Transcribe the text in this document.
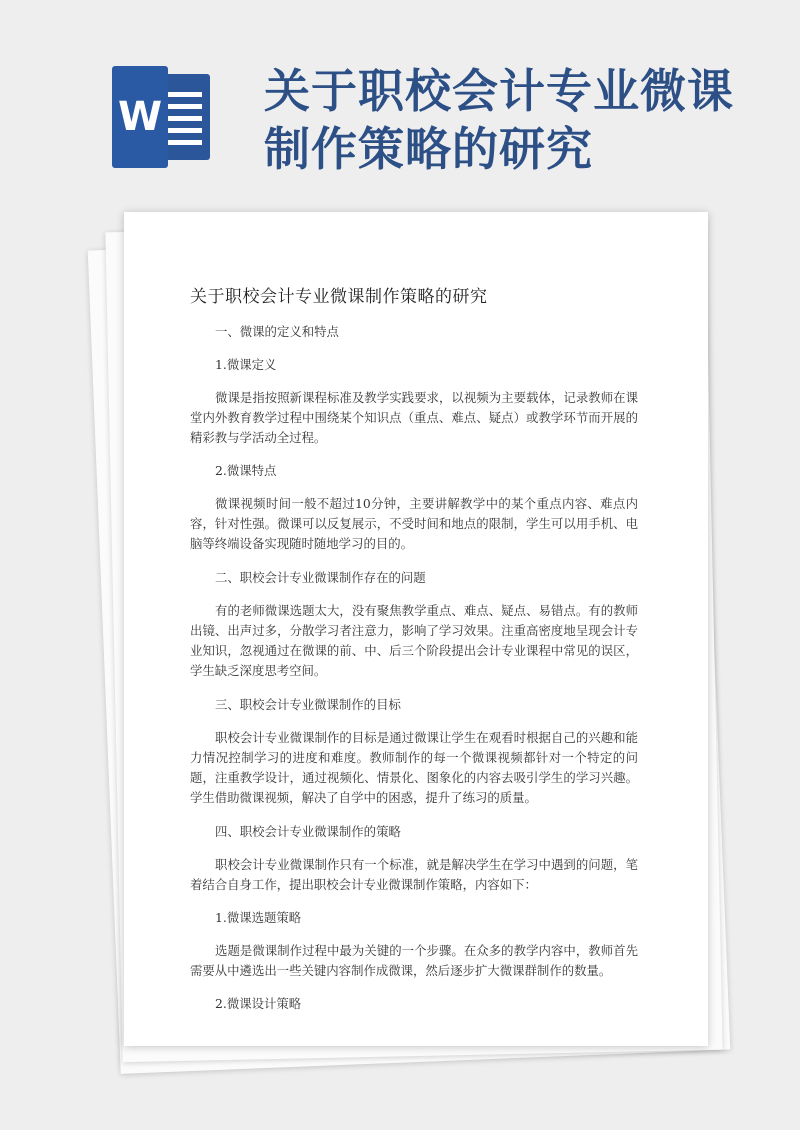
W 关于职校会计专业微课
制作策略的研究
关于职校会计专业微课制作策略的研究

一、微课的定义和特点

1.微课定义

微课是指按照新课程标准及教学实践要求，以视频为主要载体，记录教师在课堂内外教育教学过程中围绕某个知识点（重点、难点、疑点）或教学环节而开展的精彩教与学活动全过程。

2.微课特点

微课视频时间一般不超过10分钟，主要讲解教学中的某个重点内容、难点内容，针对性强。微课可以反复展示，不受时间和地点的限制，学生可以用手机、电脑等终端设备实现随时随地学习的目的。

二、职校会计专业微课制作存在的问题

有的老师微课选题太大，没有聚焦教学重点、难点、疑点、易错点。有的教师出镜、出声过多，分散学习者注意力，影响了学习效果。注重高密度地呈现会计专业知识，忽视通过在微课的前、中、后三个阶段提出会计专业课程中常见的误区，学生缺乏深度思考空间。

三、职校会计专业微课制作的目标

职校会计专业微课制作的目标是通过微课让学生在观看时根据自己的兴趣和能力情况控制学习的进度和难度。教师制作的每一个微课视频都针对一个特定的问题，注重教学设计，通过视频化、情景化、图象化的内容去吸引学生的学习兴趣。学生借助微课视频，解决了自学中的困惑，提升了练习的质量。

四、职校会计专业微课制作的策略

职校会计专业微课制作只有一个标准，就是解决学生在学习中遇到的问题，笔着结合自身工作，提出职校会计专业微课制作策略，内容如下：

1.微课选题策略

选题是微课制作过程中最为关键的一个步骤。在众多的教学内容中，教师首先需要从中遴选出一些关键内容制作成微课，然后逐步扩大微课群制作的数量。

2.微课设计策略
